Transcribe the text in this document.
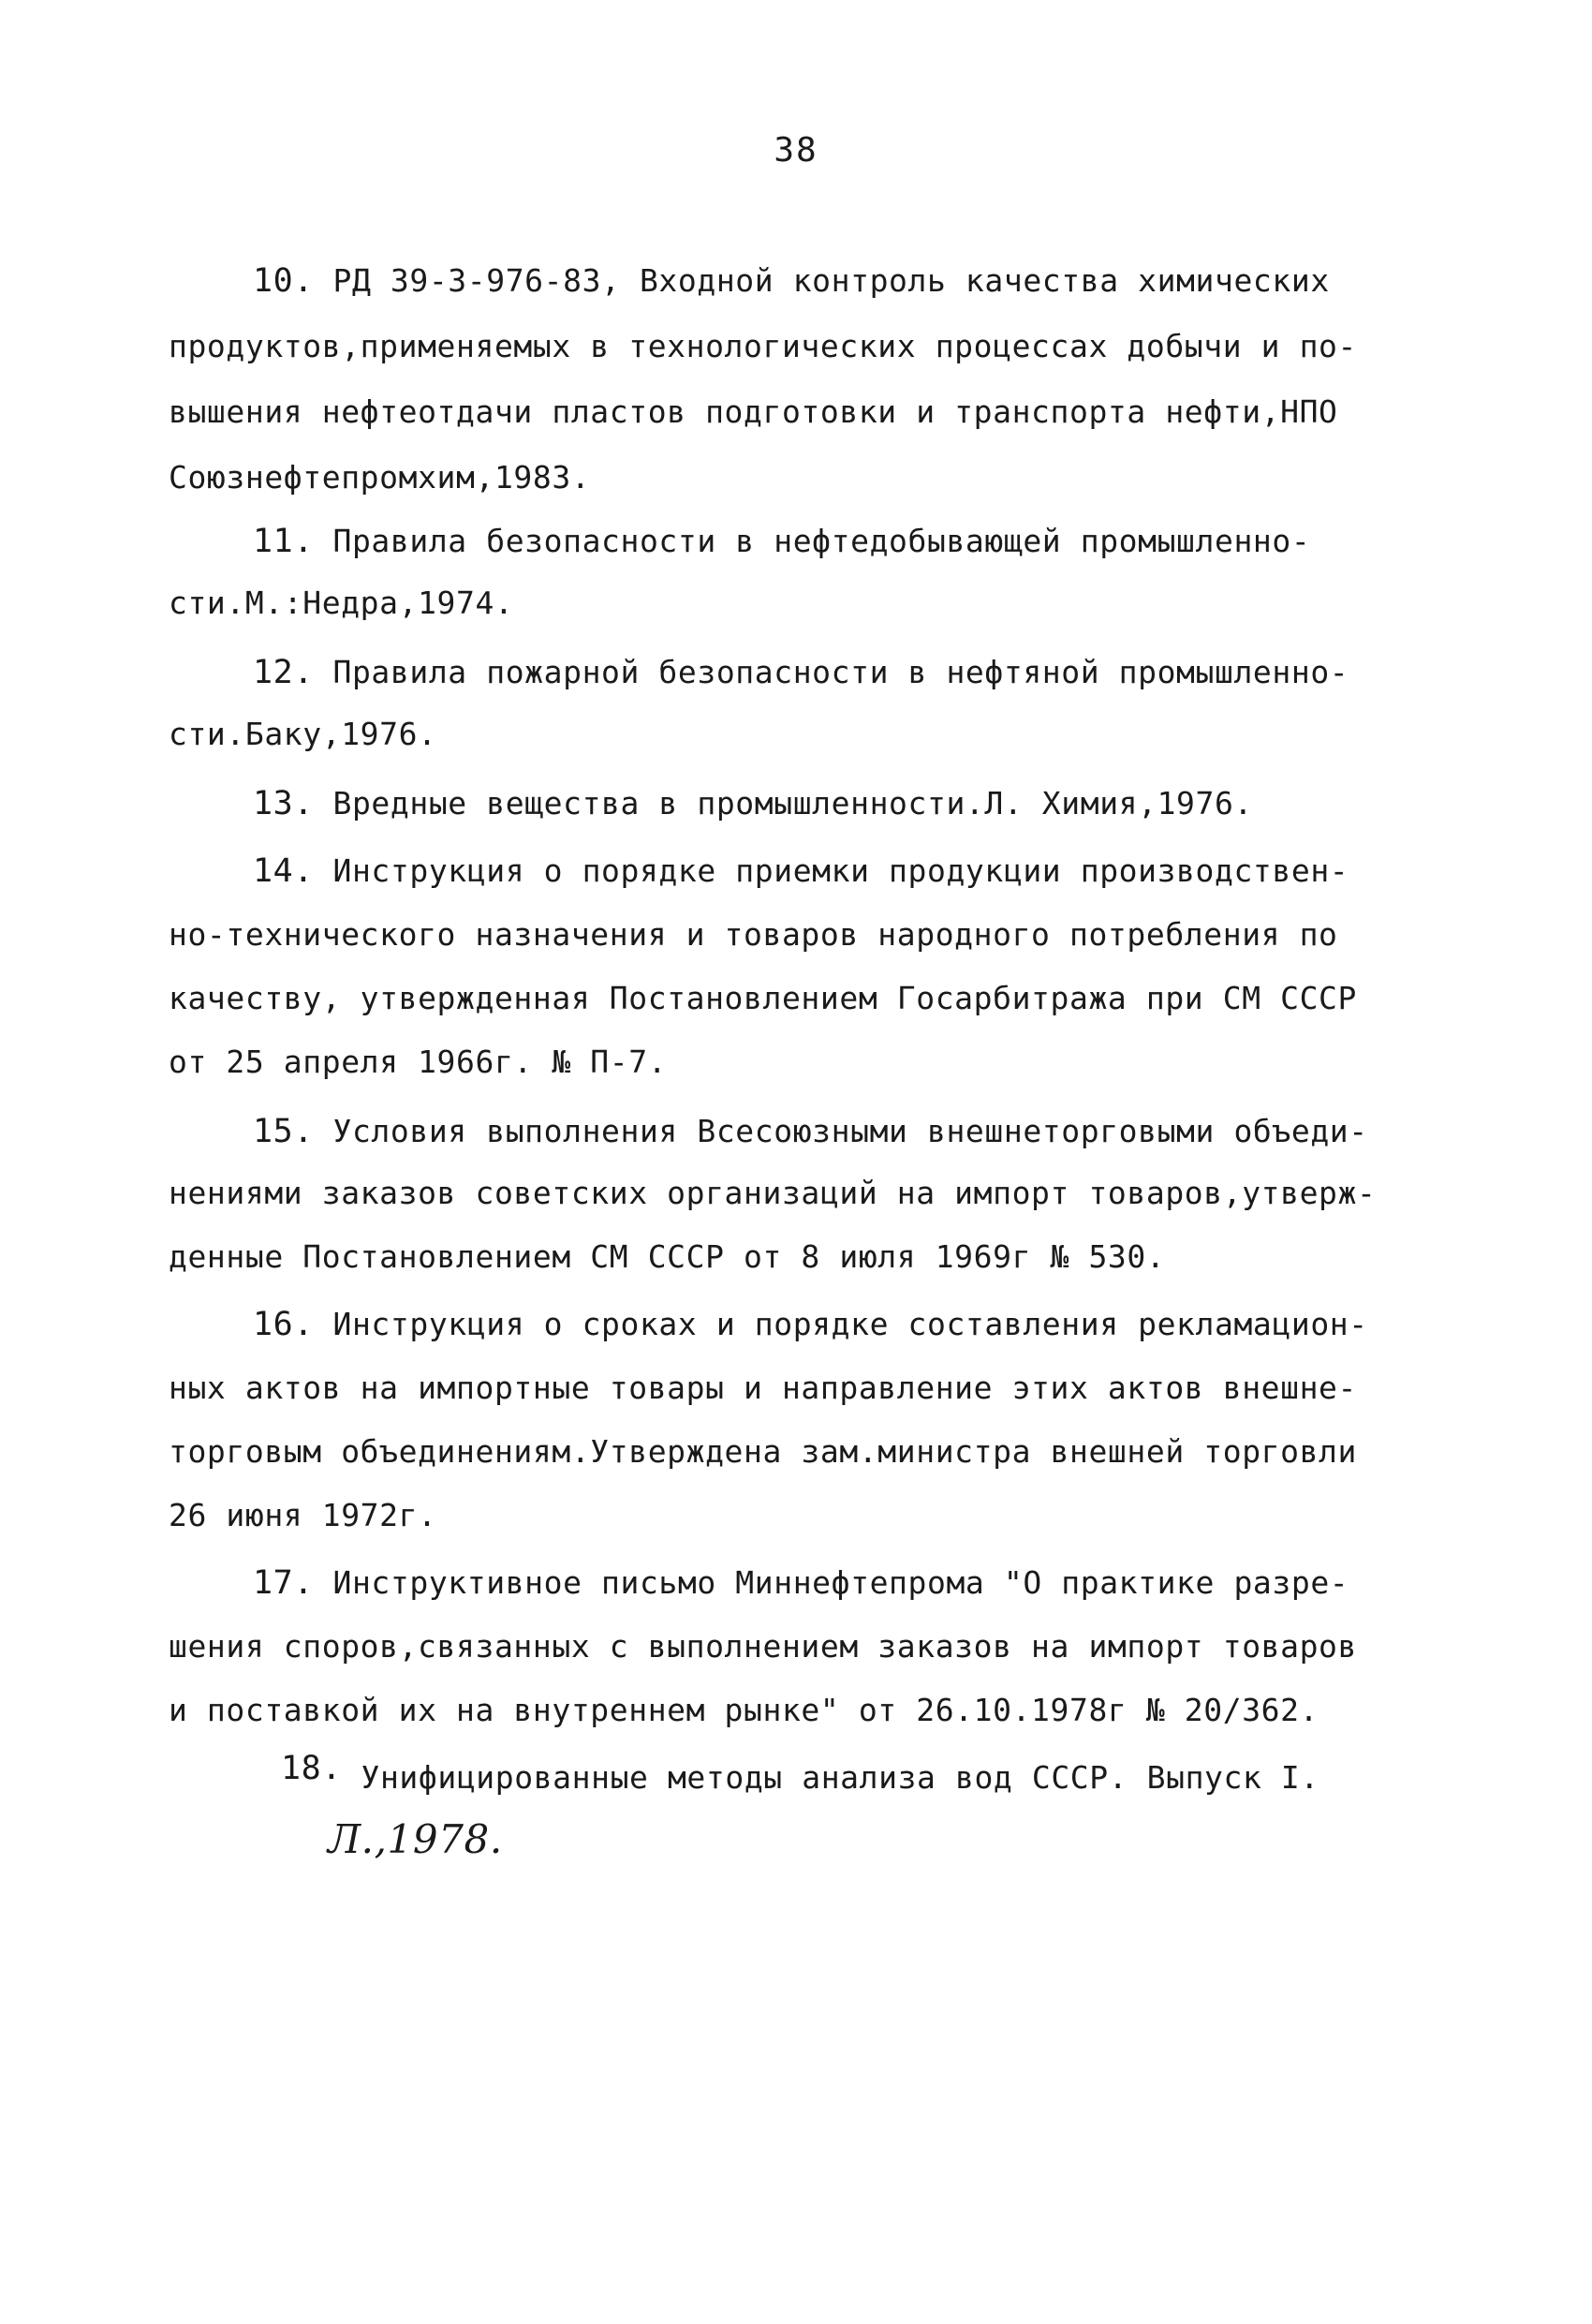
38
10. РД 39-3-976-83, Входной контроль качества химических
продуктов,применяемых в технологических процессах добычи и по-
вышения нефтеотдачи пластов подготовки и транспорта нефти,НПО
Союзнефтепромхим,1983.
11. Правила безопасности в нефтедобывающей промышленно-
сти.М.:Недра,1974.
12. Правила пожарной безопасности в нефтяной промышленно-
сти.Баку,1976.
13. Вредные вещества в промышленности.Л. Химия,1976.
14. Инструкция о порядке приемки продукции производствен-
но-технического назначения и товаров народного потребления по
качеству, утвержденная Постановлением Госарбитража при СМ СССР
от 25 апреля 1966г. № П-7.
15. Условия выполнения Всесоюзными внешнеторговыми объеди-
нениями заказов советских организаций на импорт товаров,утверж-
денные Постановлением СМ СССР от 8 июля 1969г № 530.
16. Инструкция о сроках и порядке составления рекламацион-
ных актов на импортные товары и направление этих актов внешне-
торговым объединениям.Утверждена зам.министра внешней торговли
26 июня 1972г.
17. Инструктивное письмо Миннефтепрома "О практике разре-
шения споров,связанных с выполнением заказов на импорт товаров
и поставкой их на внутреннем рынке" от 26.10.1978г № 20/362.
18. Унифицированные методы анализа вод СССР. Выпуск I.
Л.,1978.
